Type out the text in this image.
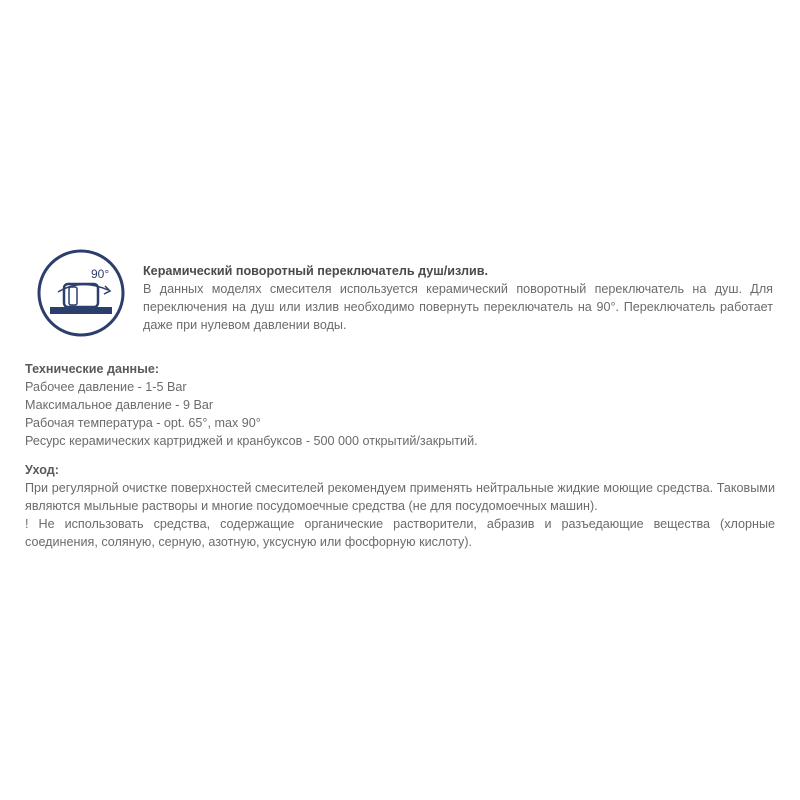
90°	Керамический поворотный переключатель душ/излив.
В данных моделях смесителя используется керамический поворотный переключатель на душ. Для переключения на душ или излив необходимо повернуть переключатель на 90°. Переключатель работает даже при нулевом давлении воды.
Технические данные:
Рабочее давление - 1-5 Bar
Максимальное давление - 9 Bar
Рабочая температура - opt. 65°, max 90°
Ресурс керамических картриджей и кранбуксов - 500 000 открытий/закрытий.
Уход:
При регулярной очистке поверхностей смесителей рекомендуем применять нейтральные жидкие моющие средства. Таковыми являются мыльные растворы и многие посудомоечные средства (не для посудомоечных машин).
! Не использовать средства, содержащие органические растворители, абразив и разъедающие вещества (хлорные соединения, соляную, серную, азотную, уксусную или фосфорную кислоту).
